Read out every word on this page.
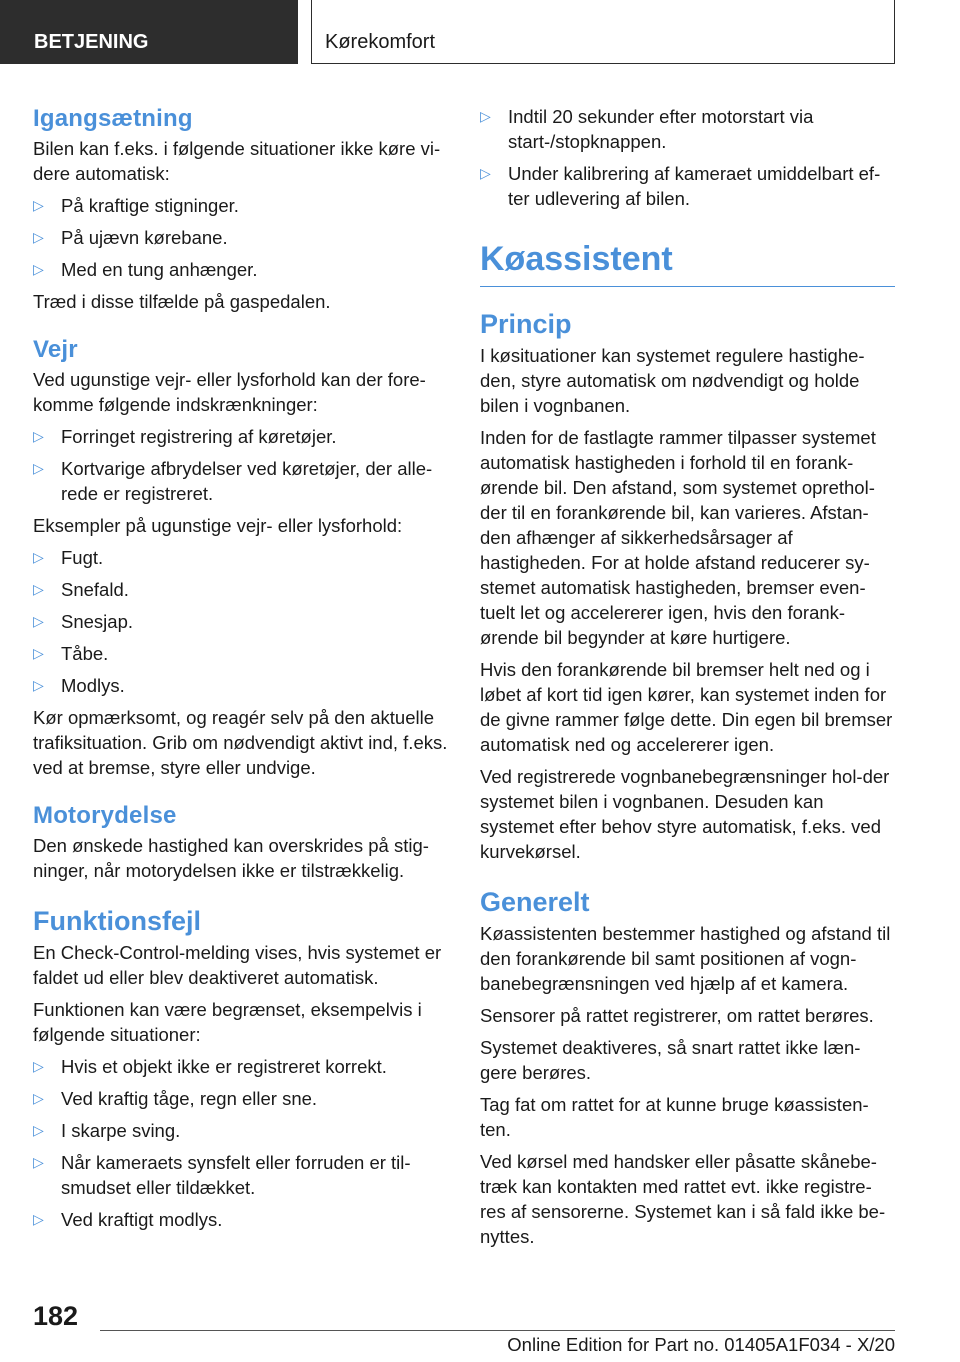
BETJENING	Kørekomfort
Igangsætning

Bilen kan f.eks. i følgende situationer ikke køre vi-dere automatisk:

▷ På kraftige stigninger.
▷ På ujævn kørebane.
▷ Med en tung anhænger.

Træd i disse tilfælde på gaspedalen.

Vejr

Ved ugunstige vejr- eller lysforhold kan der fore-komme følgende indskrænkninger:

▷ Forringet registrering af køretøjer.
▷ Kortvarige afbrydelser ved køretøjer, der alle-rede er registreret.

Eksempler på ugunstige vejr- eller lysforhold:

▷ Fugt.
▷ Snefald.
▷ Snesjap.
▷ Tåbe.
▷ Modlys.

Kør opmærksomt, og reagér selv på den aktuelle trafiksituation. Grib om nødvendigt aktivt ind, f.eks. ved at bremse, styre eller undvige.

Motorydelse

Den ønskede hastighed kan overskrides på stig-ninger, når motorydelsen ikke er tilstrækkelig.

Funktionsfejl

En Check-Control-melding vises, hvis systemet er faldet ud eller blev deaktiveret automatisk.

Funktionen kan være begrænset, eksempelvis i følgende situationer:

▷ Hvis et objekt ikke er registreret korrekt.
▷ Ved kraftig tåge, regn eller sne.
▷ I skarpe sving.
▷ Når kameraets synsfelt eller forruden er til-smudset eller tildækket.
▷ Ved kraftigt modlys.
▷ Indtil 20 sekunder efter motorstart via start-/stopknappen.
▷ Under kalibrering af kameraet umiddelbart ef-ter udlevering af bilen.
Køassistent
Princip

I køsituationer kan systemet regulere hastighe-den, styre automatisk om nødvendigt og holde bilen i vognbanen.

Inden for de fastlagte rammer tilpasser systemet automatisk hastigheden i forhold til en forank-ørende bil. Den afstand, som systemet oprethol-der til en forankørende bil, kan varieres. Afstan-den afhænger af sikkerhedsårsager af hastigheden. For at holde afstand reducerer sy-stemet automatisk hastigheden, bremser even-tuelt let og accelererer igen, hvis den forank-ørende bil begynder at køre hurtigere.

Hvis den forankørende bil bremser helt ned og i løbet af kort tid igen kører, kan systemet inden for de givne rammer følge dette. Din egen bil bremser automatisk ned og accelererer igen.

Ved registrerede vognbanebegrænsninger hol-der systemet bilen i vognbanen. Desuden kan systemet efter behov styre automatisk, f.eks. ved kurvekørsel.

Generelt

Køassistenten bestemmer hastighed og afstand til den forankørende bil samt positionen af vogn-banebegrænsningen ved hjælp af et kamera.

Sensorer på rattet registrerer, om rattet berøres.

Systemet deaktiveres, så snart rattet ikke læn-gere berøres.

Tag fat om rattet for at kunne bruge køassisten-ten.

Ved kørsel med handsker eller påsatte skånebe-træk kan kontakten med rattet evt. ikke registre-res af sensorerne. Systemet kan i så fald ikke be-nyttes.

182
Online Edition for Part no. 01405A1F034 - X/20
